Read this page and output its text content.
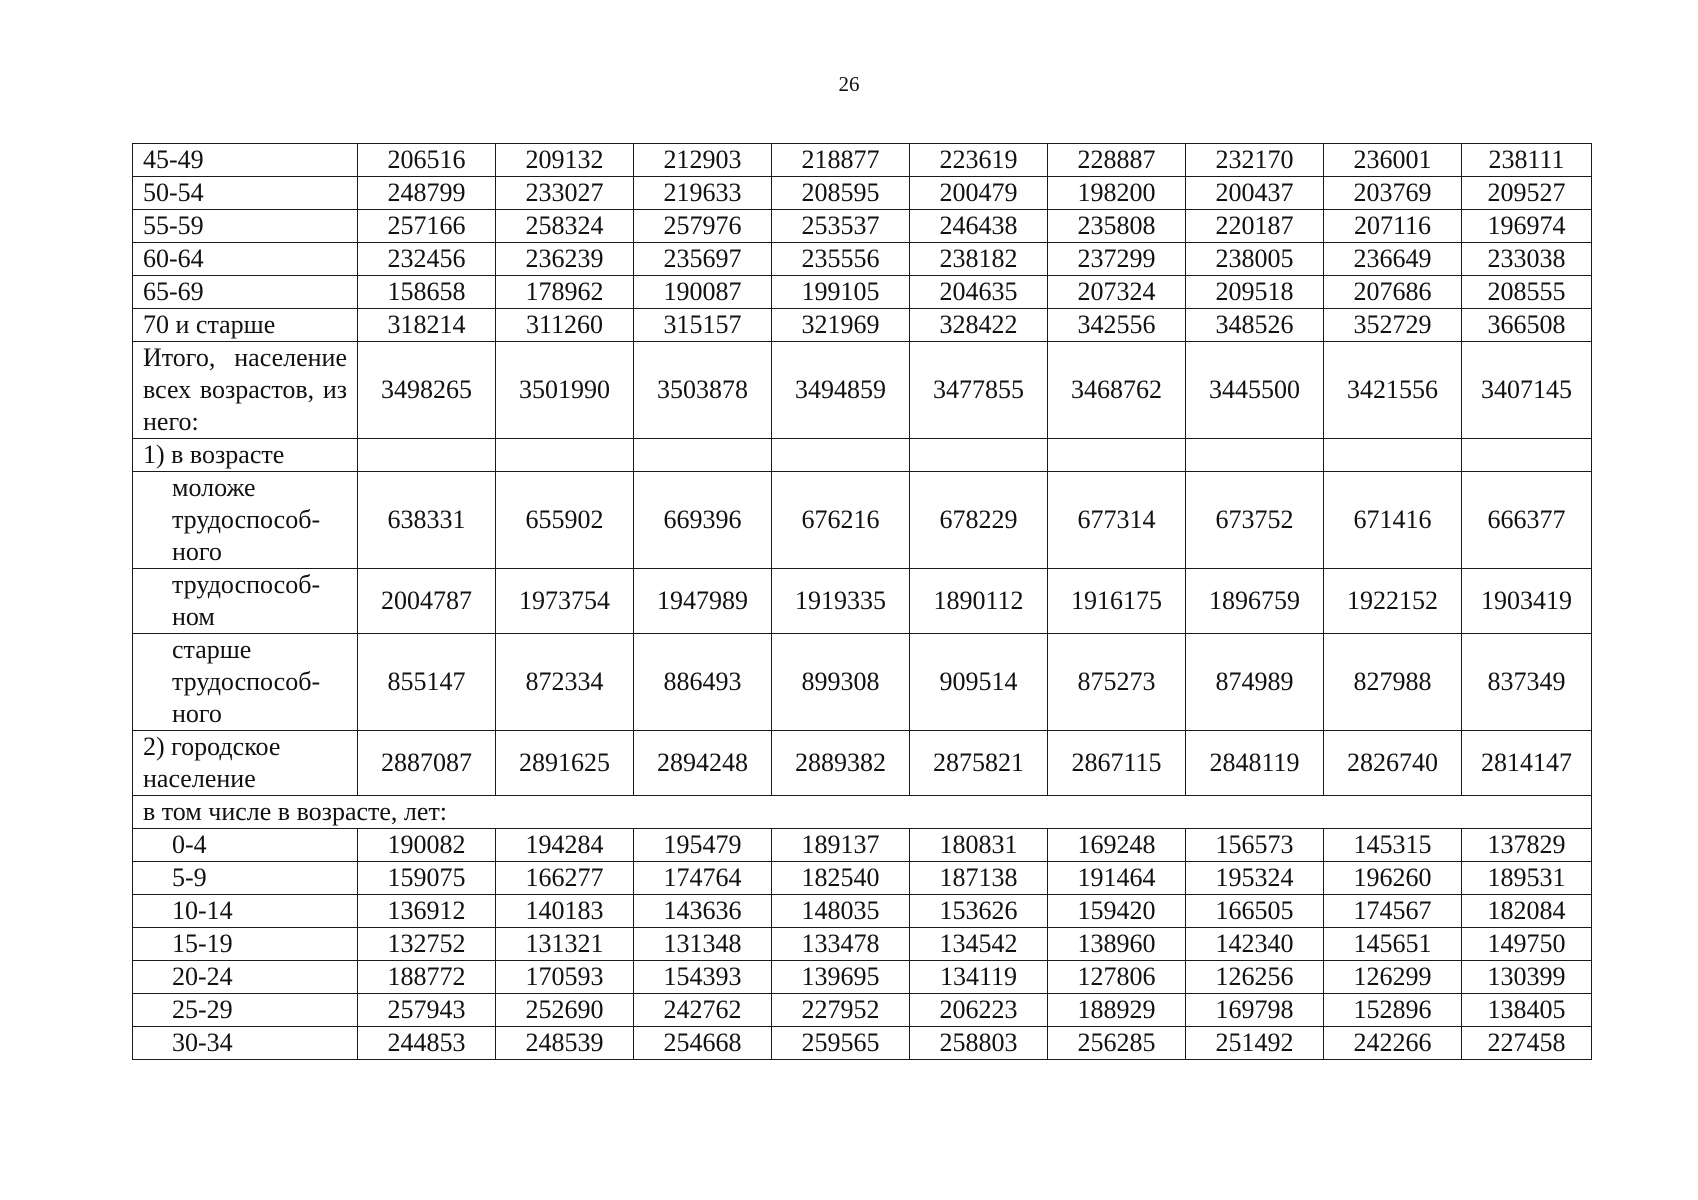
26
45-49	206516	209132	212903	218877	223619	228887	232170	236001	238111
50-54	248799	233027	219633	208595	200479	198200	200437	203769	209527
55-59	257166	258324	257976	253537	246438	235808	220187	207116	196974
60-64	232456	236239	235697	235556	238182	237299	238005	236649	233038
65-69	158658	178962	190087	199105	204635	207324	209518	207686	208555
70 и старше	318214	311260	315157	321969	328422	342556	348526	352729	366508
Итого, население всех возрастов, из него:	3498265	3501990	3503878	3494859	3477855	3468762	3445500	3421556	3407145
1) в возрасте									
моложе трудоспособ-ного	638331	655902	669396	676216	678229	677314	673752	671416	666377
трудоспособ-ном	2004787	1973754	1947989	1919335	1890112	1916175	1896759	1922152	1903419
старше трудоспособ-ного	855147	872334	886493	899308	909514	875273	874989	827988	837349
2) городское население	2887087	2891625	2894248	2889382	2875821	2867115	2848119	2826740	2814147
в том числе в возрасте, лет:									
0-4	190082	194284	195479	189137	180831	169248	156573	145315	137829
5-9	159075	166277	174764	182540	187138	191464	195324	196260	189531
10-14	136912	140183	143636	148035	153626	159420	166505	174567	182084
15-19	132752	131321	131348	133478	134542	138960	142340	145651	149750
20-24	188772	170593	154393	139695	134119	127806	126256	126299	130399
25-29	257943	252690	242762	227952	206223	188929	169798	152896	138405
30-34	244853	248539	254668	259565	258803	256285	251492	242266	227458
